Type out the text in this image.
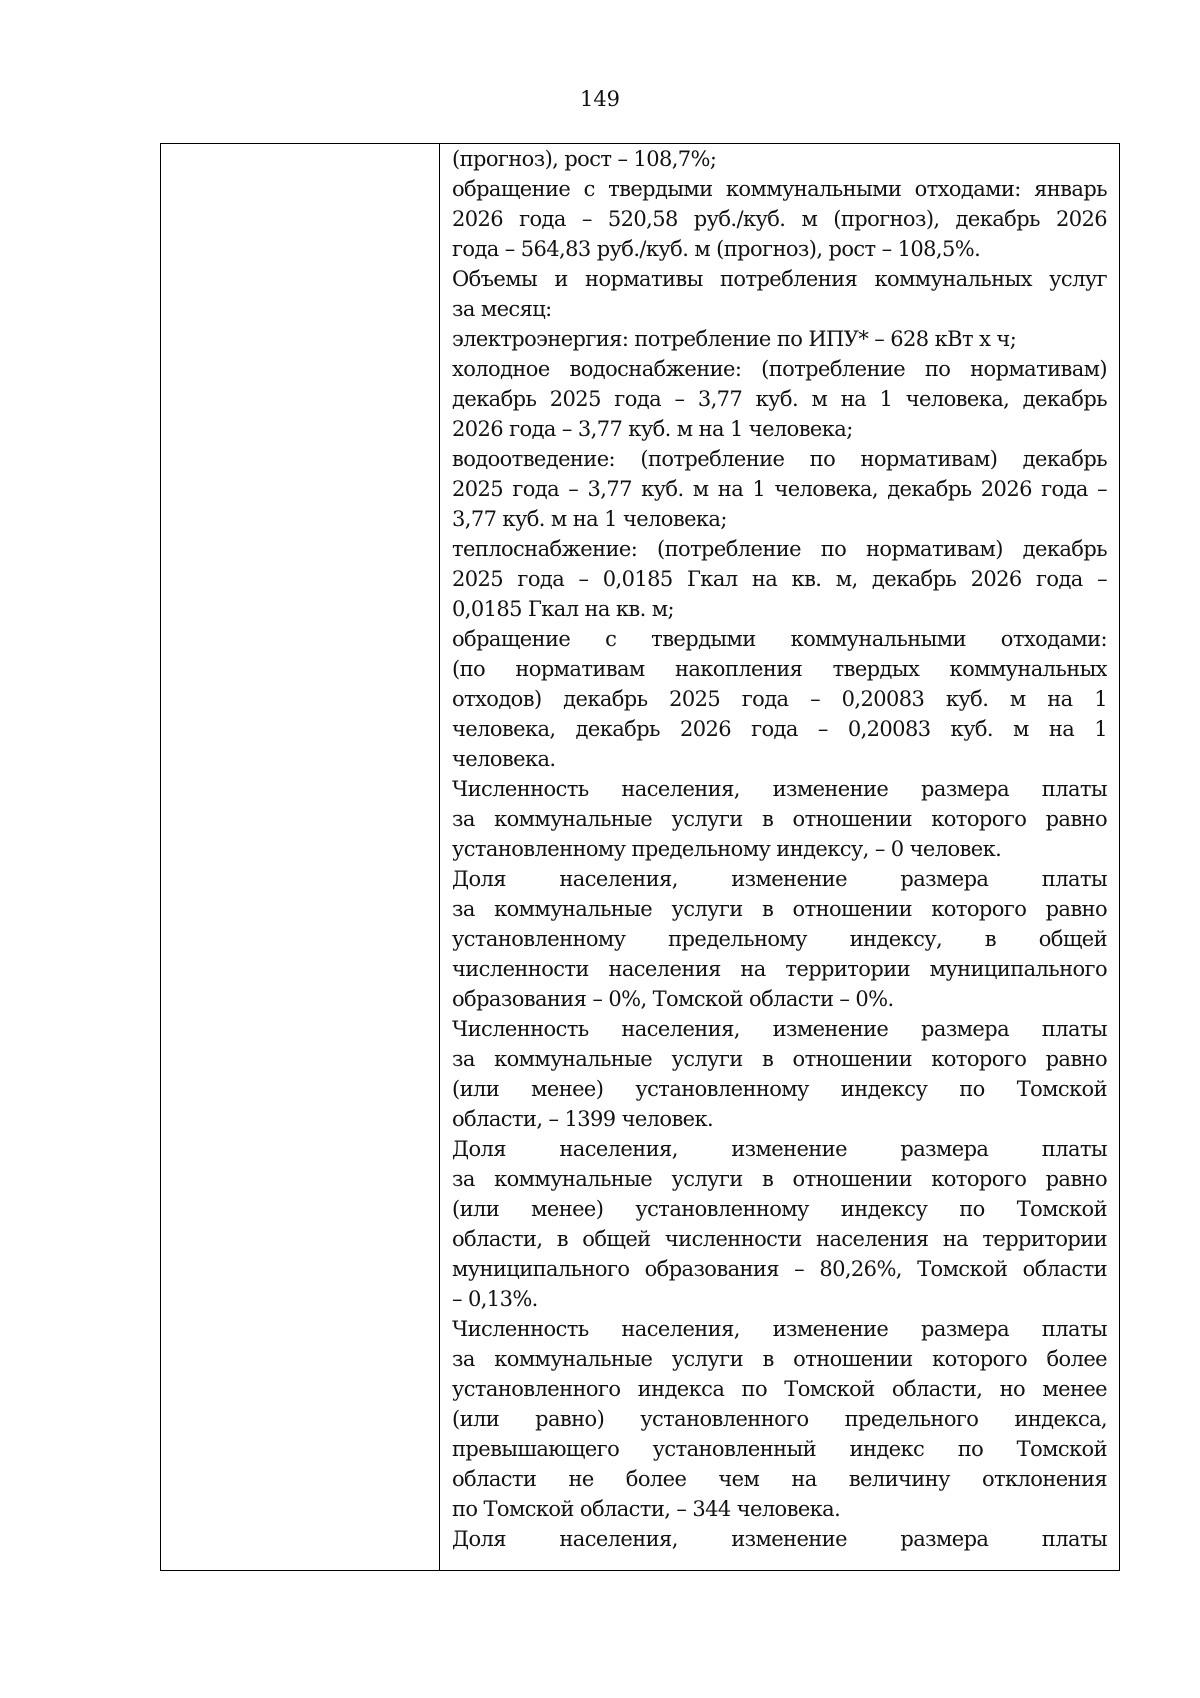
149
(прогноз), рост – 108,7%;
обращение с твердыми коммунальными отходами: январь
2026 года – 520,58 руб./куб. м (прогноз), декабрь 2026
года – 564,83 руб./куб. м (прогноз), рост – 108,5%.
Объемы и нормативы потребления коммунальных услуг
за месяц:
электроэнергия: потребление по ИПУ* – 628 кВт х ч;
холодное водоснабжение: (потребление по нормативам)
декабрь 2025 года – 3,77 куб. м на 1 человека, декабрь
2026 года – 3,77 куб. м на 1 человека;
водоотведение: (потребление по нормативам) декабрь
2025 года – 3,77 куб. м на 1 человека, декабрь 2026 года –
3,77 куб. м на 1 человека;
теплоснабжение: (потребление по нормативам) декабрь
2025 года – 0,0185 Гкал на кв. м, декабрь 2026 года –
0,0185 Гкал на кв. м;
обращение с твердыми коммунальными отходами:
(по нормативам накопления твердых коммунальных
отходов) декабрь 2025 года – 0,20083 куб. м на 1
человека, декабрь 2026 года – 0,20083 куб. м на 1
человека.
Численность населения, изменение размера платы
за коммунальные услуги в отношении которого равно
установленному предельному индексу, – 0 человек.
Доля населения, изменение размера платы
за коммунальные услуги в отношении которого равно
установленному предельному индексу, в общей
численности населения на территории муниципального
образования – 0%, Томской области – 0%.
Численность населения, изменение размера платы
за коммунальные услуги в отношении которого равно
(или менее) установленному индексу по Томской
области, – 1399 человек.
Доля населения, изменение размера платы
за коммунальные услуги в отношении которого равно
(или менее) установленному индексу по Томской
области, в общей численности населения на территории
муниципального образования – 80,26%, Томской области
– 0,13%.
Численность населения, изменение размера платы
за коммунальные услуги в отношении которого более
установленного индекса по Томской области, но менее
(или равно) установленного предельного индекса,
превышающего установленный индекс по Томской
области не более чем на величину отклонения
по Томской области, – 344 человека.
Доля населения, изменение размера платы
